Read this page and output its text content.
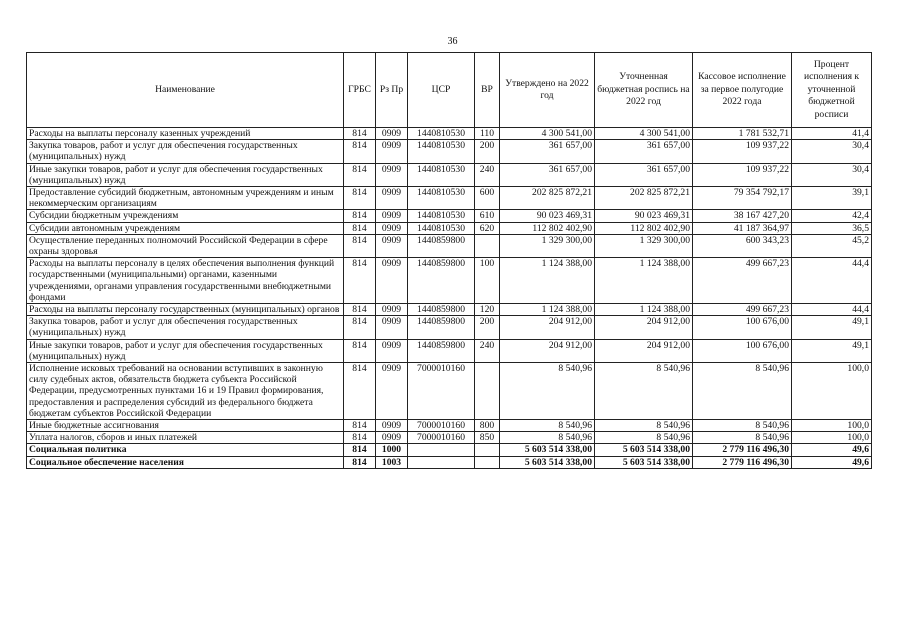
36
Наименование	ГРБС	Рз Пр	ЦСР	ВР	Утверждено на 2022 год	Уточненная бюджетная роспись на 2022 год	Кассовое исполнение за первое полугодие 2022 года	Процент исполнения к уточненной бюджетной росписи
Расходы на выплаты персоналу казенных учреждений	814	0909	1440810530	110	4 300 541,00	4 300 541,00	1 781 532,71	41,4
Закупка товаров, работ и услуг для обеспечения государственных (муниципальных) нужд	814	0909	1440810530	200	361 657,00	361 657,00	109 937,22	30,4
Иные закупки товаров, работ и услуг для обеспечения государственных (муниципальных) нужд	814	0909	1440810530	240	361 657,00	361 657,00	109 937,22	30,4
Предоставление субсидий бюджетным, автономным учреждениям и иным некоммерческим организациям	814	0909	1440810530	600	202 825 872,21	202 825 872,21	79 354 792,17	39,1
Субсидии бюджетным учреждениям	814	0909	1440810530	610	90 023 469,31	90 023 469,31	38 167 427,20	42,4
Субсидии автономным учреждениям	814	0909	1440810530	620	112 802 402,90	112 802 402,90	41 187 364,97	36,5
Осуществление переданных полномочий Российской Федерации в сфере охраны здоровья	814	0909	1440859800		1 329 300,00	1 329 300,00	600 343,23	45,2
Расходы на выплаты персоналу в целях обеспечения выполнения функций государственными (муниципальными) органами, казенными учреждениями, органами управления государственными внебюджетными фондами	814	0909	1440859800	100	1 124 388,00	1 124 388,00	499 667,23	44,4
Расходы на выплаты персоналу государственных (муниципальных) органов	814	0909	1440859800	120	1 124 388,00	1 124 388,00	499 667,23	44,4
Закупка товаров, работ и услуг для обеспечения государственных (муниципальных) нужд	814	0909	1440859800	200	204 912,00	204 912,00	100 676,00	49,1
Иные закупки товаров, работ и услуг для обеспечения государственных (муниципальных) нужд	814	0909	1440859800	240	204 912,00	204 912,00	100 676,00	49,1
Исполнение исковых требований на основании вступивших в законную силу судебных актов, обязательств бюджета субъекта Российской Федерации, предусмотренных пунктами 16 и 19 Правил формирования, предоставления и распределения субсидий из федерального бюджета бюджетам субъектов Российской Федерации	814	0909	7000010160		8 540,96	8 540,96	8 540,96	100,0
Иные бюджетные ассигнования	814	0909	7000010160	800	8 540,96	8 540,96	8 540,96	100,0
Уплата налогов, сборов и иных платежей	814	0909	7000010160	850	8 540,96	8 540,96	8 540,96	100,0
Социальная политика	814	1000			5 603 514 338,00	5 603 514 338,00	2 779 116 496,30	49,6
Социальное обеспечение населения	814	1003			5 603 514 338,00	5 603 514 338,00	2 779 116 496,30	49,6
